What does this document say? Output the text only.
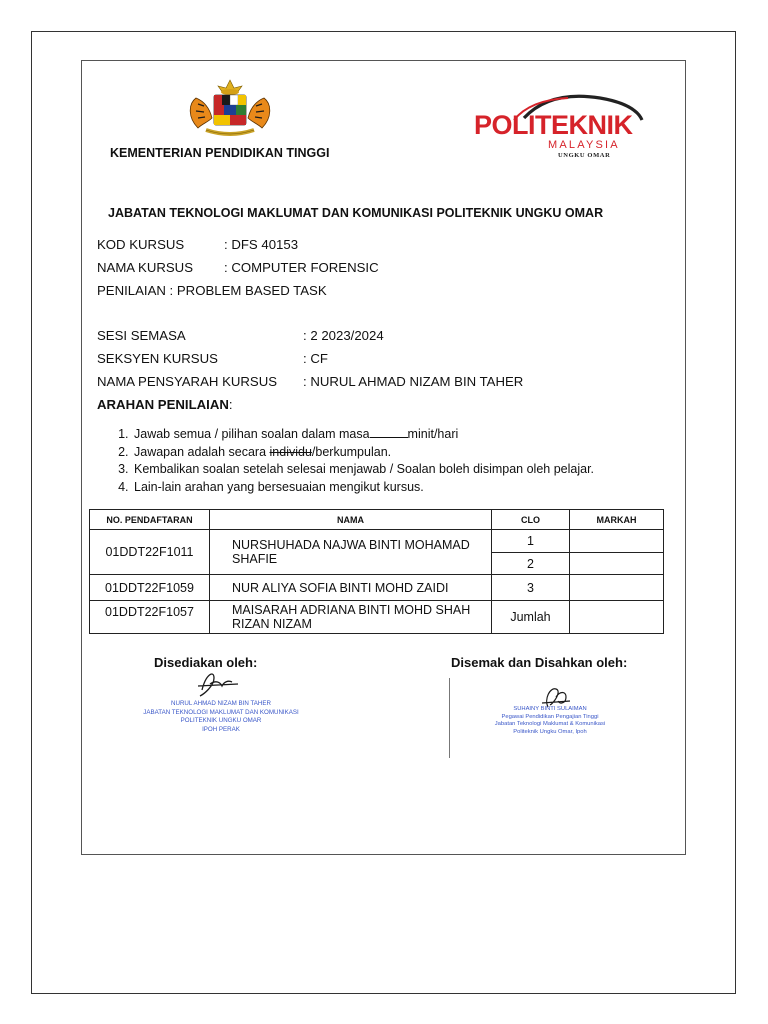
POLITEKNIK
MALAYSIA
UNGKU OMAR
KEMENTERIAN PENDIDIKAN TINGGI
JABATAN TEKNOLOGI MAKLUMAT DAN KOMUNIKASI POLITEKNIK UNGKU OMAR
KOD KURSUS	: DFS 40153
NAMA KURSUS : COMPUTER FORENSIC
PENILAIAN : PROBLEM BASED TASK
SESI SEMASA	: 2 2023/2024
SEKSYEN KURSUS	: CF
NAMA PENSYARAH KURSUS : NURUL AHMAD NIZAM BIN TAHER
ARAHAN PENILAIAN:
1. Jawab semua / pilihan soalan dalam masa	minit/hari
2. Jawapan adalah secara individu/berkumpulan.
3. Kembalikan soalan setelah selesai menjawab / Soalan boleh disimpan oleh pelajar.
4. Lain-lain arahan yang bersesuaian mengikut kursus.
NO. PENDAFTARAN	NAMA	CLO	MARKAH
01DDT22F1011	NURSHUHADA NAJWA BINTI MOHAMAD SHAFIE	1	
		2	
01DDT22F1059	NUR ALIYA SOFIA BINTI MOHD ZAIDI	3	
01DDT22F1057	MAISARAH ADRIANA BINTI MOHD SHAH RIZAN NIZAM	Jumlah	
Disediakan oleh:
NURUL AHMAD NIZAM BIN TAHER
JABATAN TEKNOLOGI MAKLUMAT DAN KOMUNIKASI
POLITEKNIK UNGKU OMAR
IPOH PERAK
Disemak dan Disahkan oleh:
SUHAINY BINTI SULAIMAN
Pegawai Pendidikan Pengajian Tinggi
Jabatan Teknologi Maklumat & Komunikasi
Politeknik Ungku Omar, Ipoh
